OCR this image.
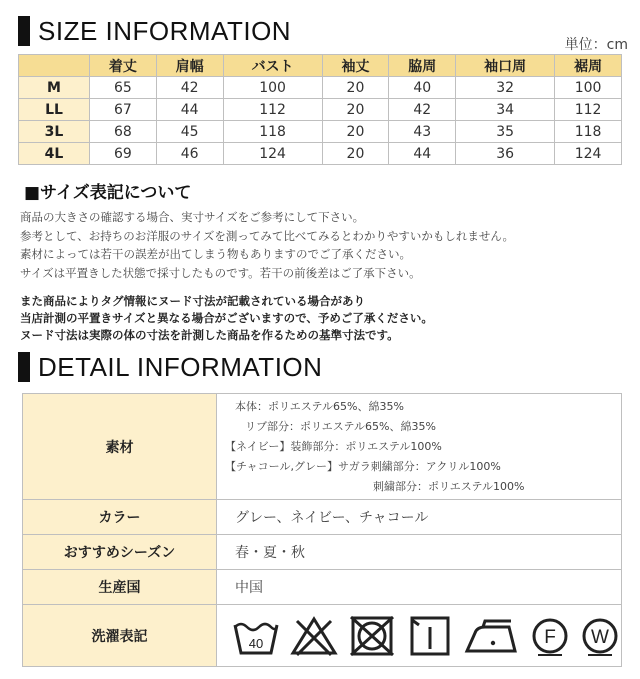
SIZE INFORMATION	単位：cm
	着丈	肩幅	バスト	袖丈	脇周	袖口周	裾周
M	65	42	100	20	40	32	100
LL	67	44	112	20	42	34	112
3L	68	45	118	20	43	35	118
4L	69	46	124	20	44	36	124
■サイズ表記について
商品の大きさの確認する場合、実寸サイズをご参考にして下さい。
参考として、お持ちのお洋服のサイズを測ってみて比べてみるとわかりやすいかもしれません。
素材によっては若干の誤差が出てしまう物もありますのでご了承ください。
サイズは平置きした状態で採寸したものです。若干の前後差はご了承下さい。
また商品によりタグ情報にヌード寸法が記載されている場合があり
当店計測の平置きサイズと異なる場合がございますので、予めご了承ください。
ヌード寸法は実際の体の寸法を計測した商品を作るための基準寸法です。
DETAIL INFORMATION
素材	本体：ポリエステル65%、綿35%
リブ部分：ポリエステル65%、綿35%
【ネイビー】装飾部分：ポリエステル100%
【チャコール,グレー】サガラ刺繍部分：アクリル100%
刺繍部分：ポリエステル100%

カラー	グレー、ネイビー、チャコール
おすすめシーズン	春・夏・秋
生産国	中国
洗濯表記	40 F W
